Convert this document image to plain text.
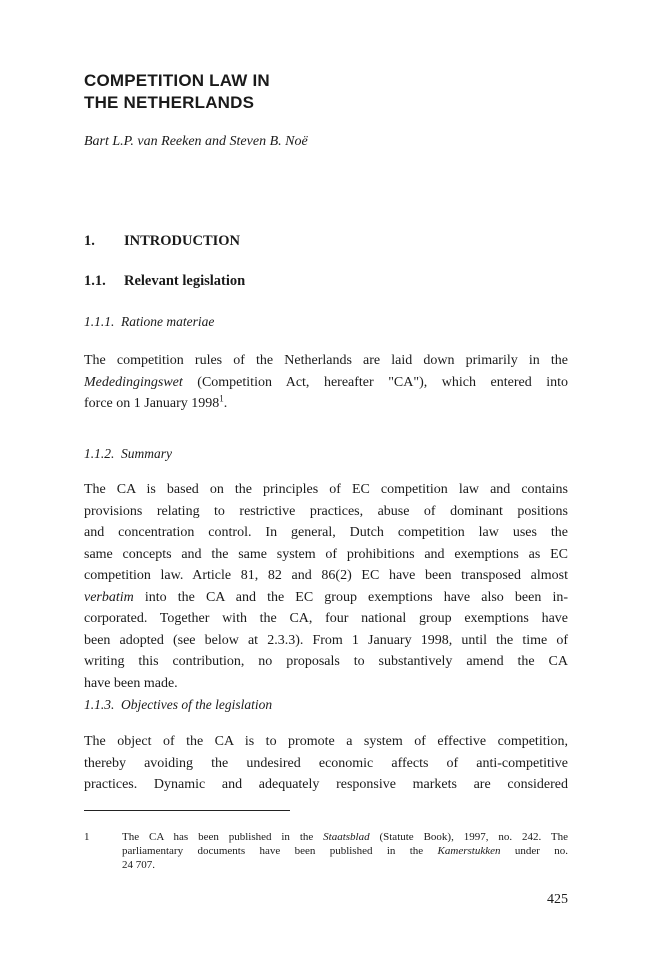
COMPETITION LAW IN
THE NETHERLANDS
Bart L.P. van Reeken and Steven B. Noë
1. INTRODUCTION
1.1. Relevant legislation
1.1.1. Ratione materiae
The competition rules of the Netherlands are laid down primarily in the
Mededingingswet (Competition Act, hereafter "CA"), which entered into
force on 1 January 1998$^1$.
1.1.2. Summary
The CA is based on the principles of EC competition law and contains
provisions relating to restrictive practices, abuse of dominant positions
and concentration control. In general, Dutch competition law uses the
same concepts and the same system of prohibitions and exemptions as EC
competition law. Article 81, 82 and 86(2) EC have been transposed almost
verbatim into the CA and the EC group exemptions have also been in-
corporated. Together with the CA, four national group exemptions have
been adopted (see below at 2.3.3). From 1 January 1998, until the time of
writing this contribution, no proposals to substantively amend the CA
have been made.
1.1.3. Objectives of the legislation
The object of the CA is to promote a system of effective competition,
thereby avoiding the undesired economic affects of anti-competitive
practices. Dynamic and adequately responsive markets are considered
1	The CA has been published in the Staatsblad (Statute Book), 1997, no. 242. The
parliamentary documents have been published in the Kamerstukken under no.
24 707.
425
